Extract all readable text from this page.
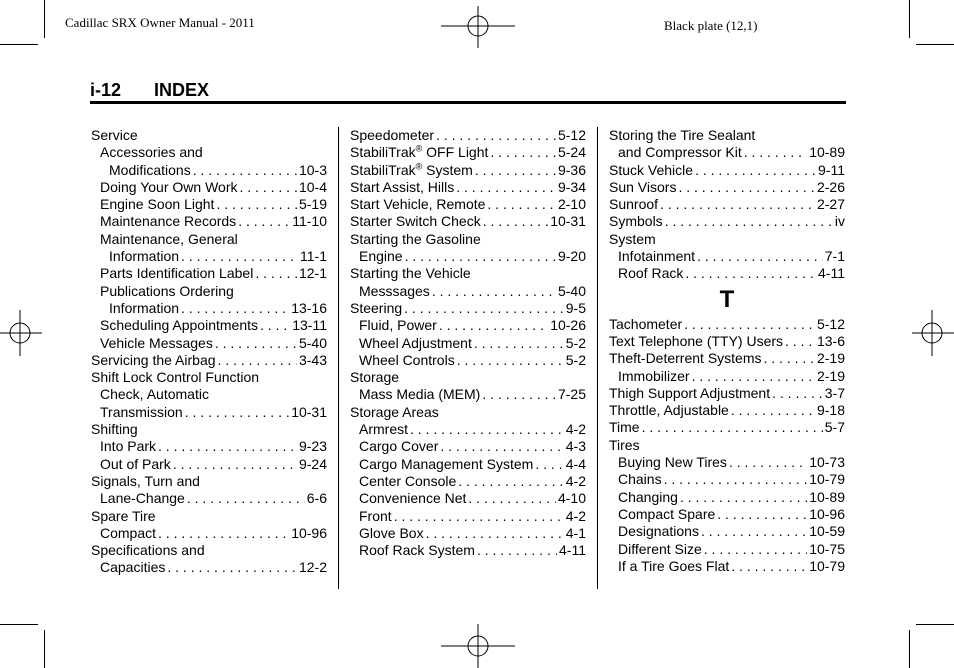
Cadillac SRX Owner Manual - 2011	Black plate (12,1)
i-12 INDEX
Service
Accessories and
Modifications . . .	10-3
Doing Your Own Work . . .	10-4
Engine Soon Light . . .	5-19
Maintenance Records . . .	11-10
Maintenance, General
Information . . .	11-1
Parts Identification Label . . .	12-1
Publications Ordering
Information . . .	13-16
Scheduling Appointments . . . 13-11
Vehicle Messages . . .	5-40
Servicing the Airbag . . .	3-43
Shift Lock Control Function
Check, Automatic
Transmission . . .	10-31
Shifting
Into Park . . .	9-23
Out of Park . . .	9-24
Signals, Turn and
Lane-Change . . .	6-6
Spare Tire
Compact . . .	10-96
Specifications and
Capacities . . .	12-2
Speedometer . . .	5-12
StabiliTrak® OFF Light . . .	5-24
StabiliTrak® System . . .	9-36
Start Assist, Hills . . .	9-34
Start Vehicle, Remote . . .	2-10
Starter Switch Check . . .	10-31
Starting the Gasoline
Engine . . .	9-20
Starting the Vehicle
Messsages . . .	5-40
Steering . . .	9-5
Fluid, Power . . .	10-26
Wheel Adjustment . . .	5-2
Wheel Controls . . .	5-2
Storage
Mass Media (MEM) . . .	7-25
Storage Areas
Armrest . . .	4-2
Cargo Cover . . .	4-3
Cargo Management System . . . 4-4
Center Console . . .	4-2
Convenience Net . . .	4-10
Front . . .	4-2
Glove Box . . .	4-1
Roof Rack System . . .	4-11
Storing the Tire Sealant
and Compressor Kit . . .	10-89
Stuck Vehicle . . .	9-11
Sun Visors . . .	2-26
Sunroof . . .	2-27
Symbols . . .	iv
System
Infotainment . . .	7-1
Roof Rack . . .	4-11
T
Tachometer . . .	5-12
Text Telephone (TTY) Users . . . 13-6
Theft-Deterrent Systems . . .	2-19
Immobilizer . . .	2-19
Thigh Support Adjustment . . .	3-7
Throttle, Adjustable . . .	9-18
Time . . .	5-7
Tires
Buying New Tires . . .	10-73
Chains . . .	10-79
Changing . . .	10-89
Compact Spare . . .	10-96
Designations . . .	10-59
Different Size . . .	10-75
If a Tire Goes Flat . . .	10-79
